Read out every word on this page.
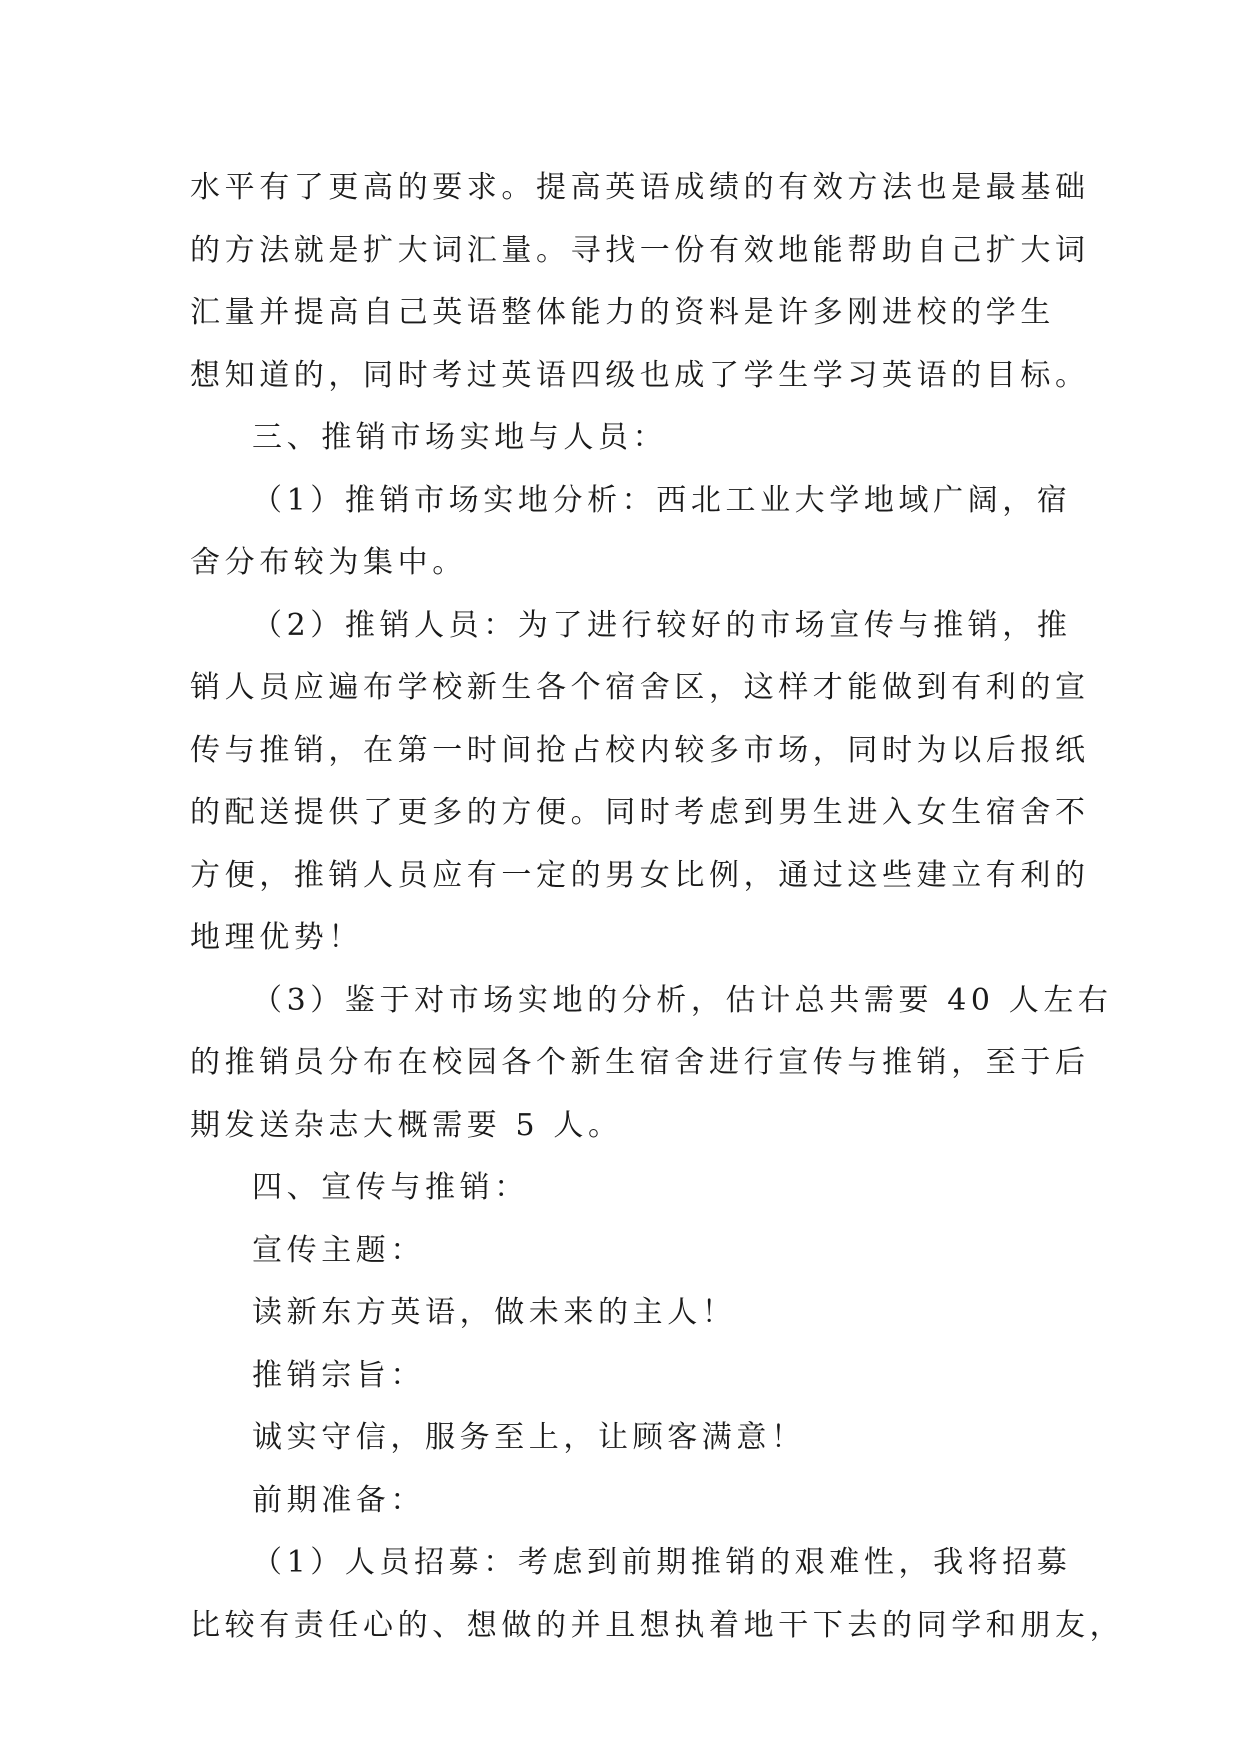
水平有了更高的要求。提高英语成绩的有效方法也是最基础
的方法就是扩大词汇量。寻找一份有效地能帮助自己扩大词
汇量并提高自己英语整体能力的资料是许多刚进校的学生
想知道的，同时考过英语四级也成了学生学习英语的目标。
三、推销市场实地与人员：
（1）推销市场实地分析：西北工业大学地域广阔，宿
舍分布较为集中。
（2）推销人员：为了进行较好的市场宣传与推销，推
销人员应遍布学校新生各个宿舍区，这样才能做到有利的宣
传与推销，在第一时间抢占校内较多市场，同时为以后报纸
的配送提供了更多的方便。同时考虑到男生进入女生宿舍不
方便，推销人员应有一定的男女比例，通过这些建立有利的
地理优势！
（3）鉴于对市场实地的分析，估计总共需要 40 人左右
的推销员分布在校园各个新生宿舍进行宣传与推销，至于后
期发送杂志大概需要 5 人。
四、宣传与推销：
宣传主题：
读新东方英语，做未来的主人！
推销宗旨：
诚实守信，服务至上，让顾客满意！
前期准备：
（1）人员招募：考虑到前期推销的艰难性，我将招募
比较有责任心的、想做的并且想执着地干下去的同学和朋友，
